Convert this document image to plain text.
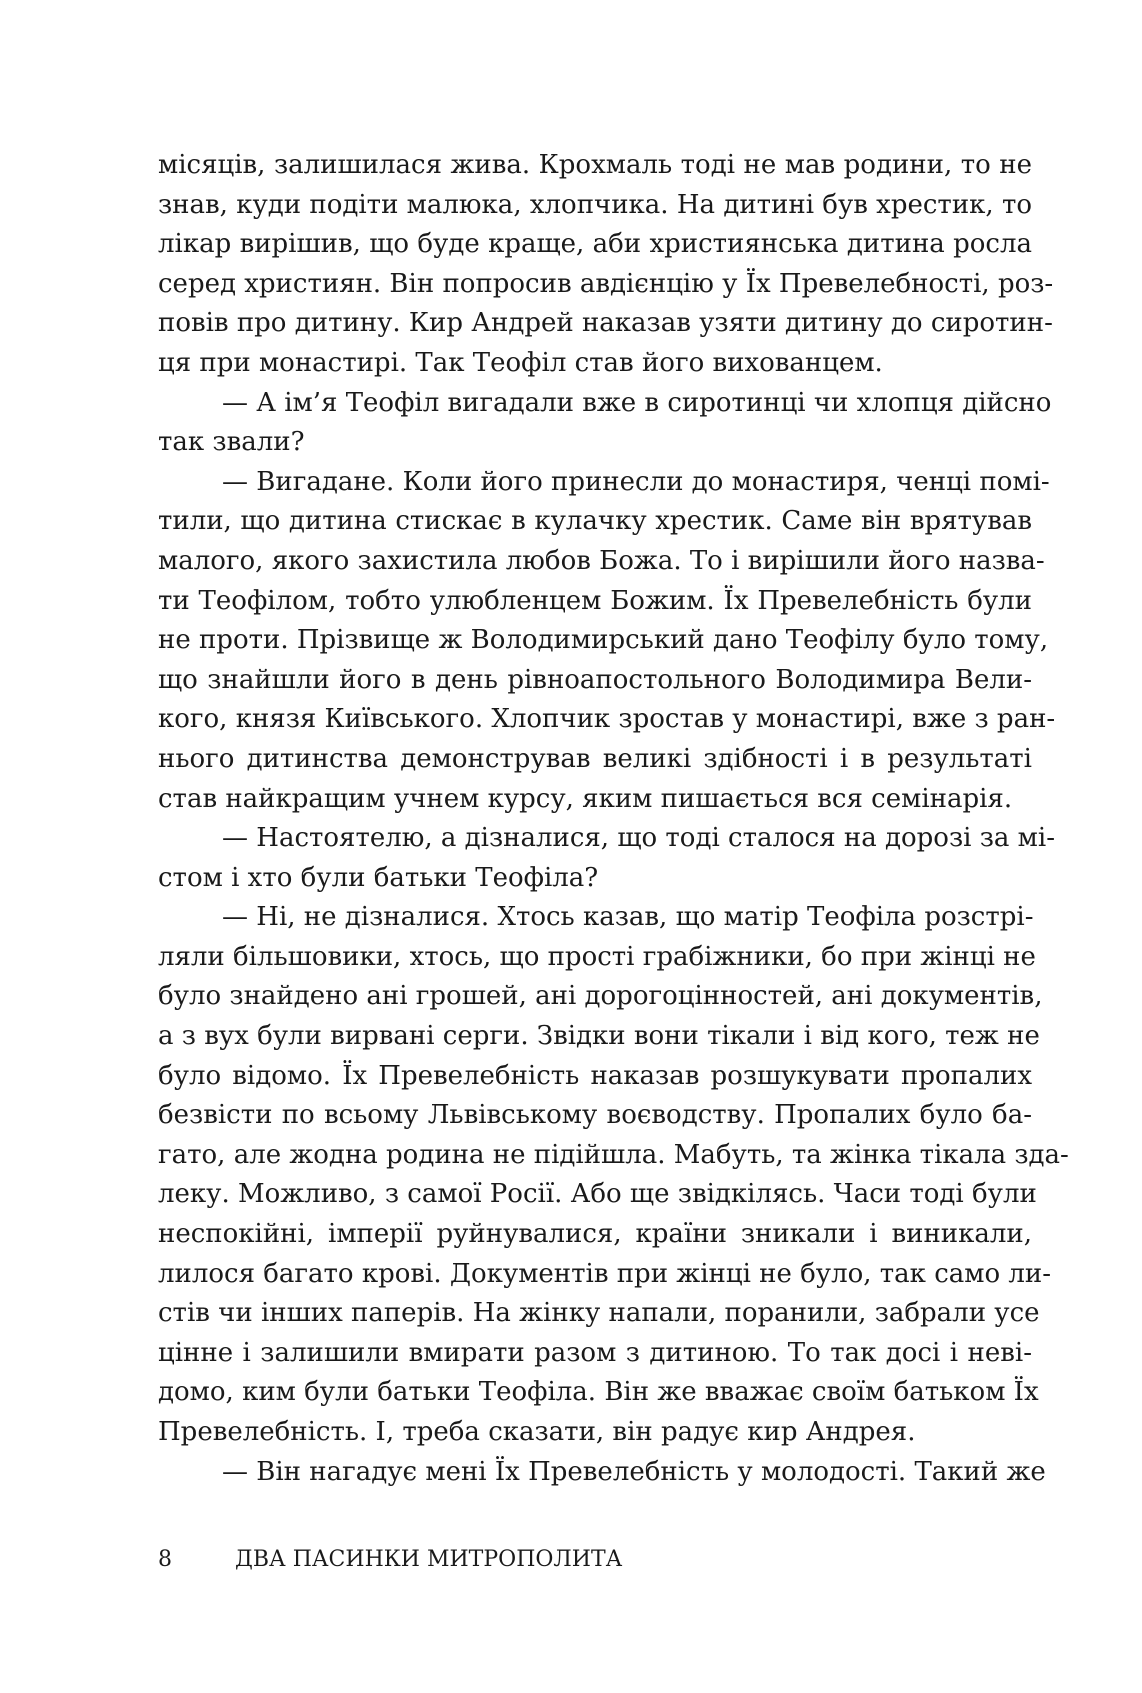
місяців, залишилася жива. Крохмаль тоді не мав родини, то не
знав, куди подіти малюка, хлопчика. На дитині був хрестик, то
лікар вирішив, що буде краще, аби християнська дитина росла
серед християн. Він попросив авдієнцію у Їх Превелебності, роз-
повів про дитину. Кир Андрей наказав узяти дитину до сиротин-
ця при монастирі. Так Теофіл став його вихованцем.
— А ім’я Теофіл вигадали вже в сиротинці чи хлопця дійсно
так звали?
— Вигадане. Коли його принесли до монастиря, ченці помі-
тили, що дитина стискає в кулачку хрестик. Саме він врятував
малого, якого захистила любов Божа. То і вирішили його назва-
ти Теофілом, тобто улюбленцем Божим. Їх Превелебність були
не проти. Прізвище ж Володимирський дано Теофілу було тому,
що знайшли його в день рівноапостольного Володимира Вели-
кого, князя Київського. Хлопчик зростав у монастирі, вже з ран-
нього дитинства демонстрував великі здібності і в результаті
став найкращим учнем курсу, яким пишається вся семінарія.
— Настоятелю, а дізналися, що тоді сталося на дорозі за мі-
стом і хто були батьки Теофіла?
— Ні, не дізналися. Хтось казав, що матір Теофіла розстрі-
ляли більшовики, хтось, що прості грабіжники, бо при жінці не
було знайдено ані грошей, ані дорогоцінностей, ані документів,
а з вух були вирвані серги. Звідки вони тікали і від кого, теж не
було відомо. Їх Превелебність наказав розшукувати пропалих
безвісти по всьому Львівському воєводству. Пропалих було ба-
гато, але жодна родина не підійшла. Мабуть, та жінка тікала зда-
леку. Можливо, з самої Росії. Або ще звідкілясь. Часи тоді були
неспокійні, імперії руйнувалися, країни зникали і виникали,
лилося багато крові. Документів при жінці не було, так само ли-
стів чи інших паперів. На жінку напали, поранили, забрали усе
цінне і залишили вмирати разом з дитиною. То так досі і неві-
домо, ким були батьки Теофіла. Він же вважає своїм батьком Їх
Превелебність. І, треба сказати, він радує кир Андрея.
— Він нагадує мені Їх Превелебність у молодості. Такий же
8	ДВА ПАСИНКИ МИТРОПОЛИТА
